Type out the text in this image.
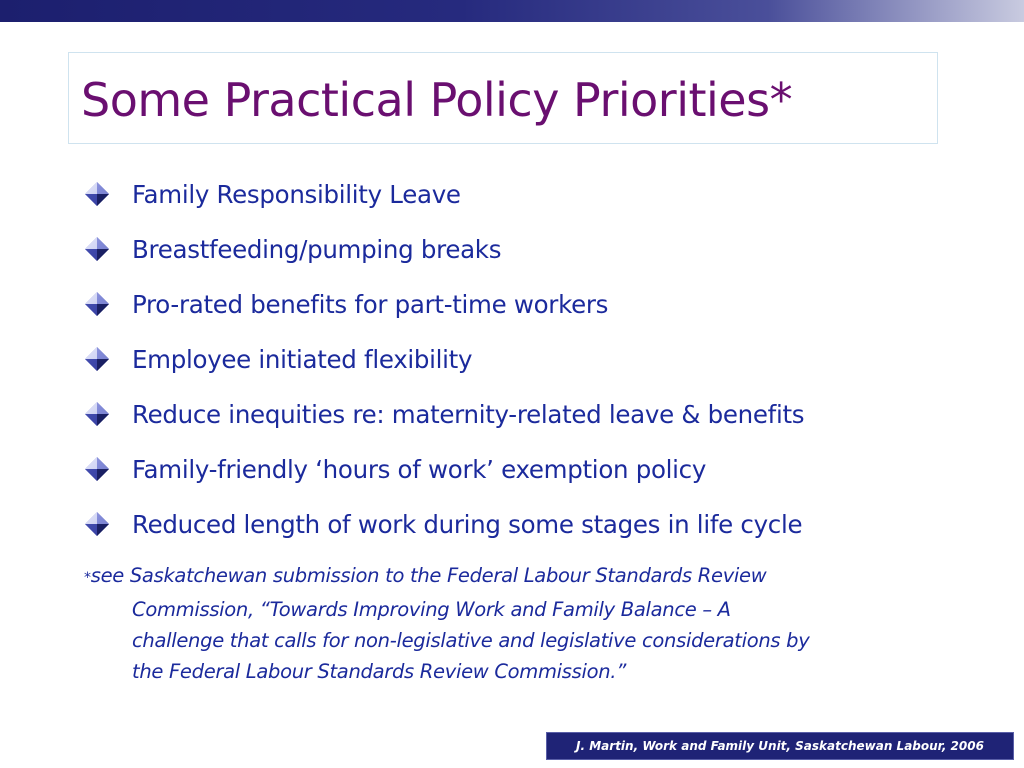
Some Practical Policy Priorities*
Family Responsibility Leave
Breastfeeding/pumping breaks
Pro-rated benefits for part-time workers
Employee initiated flexibility
Reduce inequities re: maternity-related leave & benefits
Family-friendly ‘hours of work’ exemption policy
Reduced length of work during some stages in life cycle
*see Saskatchewan submission to the Federal Labour Standards Review
Commission, “Towards Improving Work and Family Balance – A
challenge that calls for non-legislative and legislative considerations by
the Federal Labour Standards Review Commission.”
J. Martin, Work and Family Unit, Saskatchewan Labour, 2006
